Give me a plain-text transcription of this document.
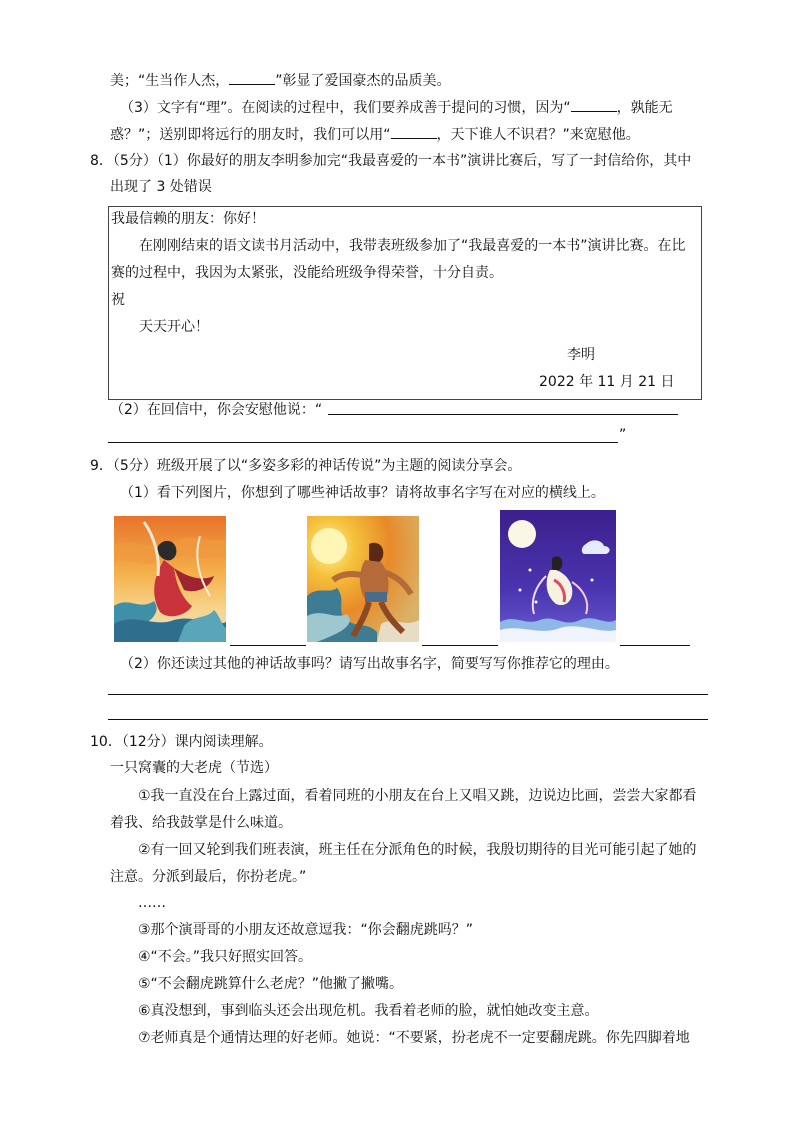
美；“生当作人杰，	”彰显了爱国豪杰的品质美。
（3）文字有“理”。在阅读的过程中，我们要养成善于提问的习惯，因为“	，孰能无
惑？”；送别即将远行的朋友时，我们可以用“	，天下谁人不识君？”来宽慰他。
8．（5分）（1）你最好的朋友李明参加完“我最喜爱的一本书”演讲比赛后，写了一封信给你，其中
出现了 3 处错误
我最信赖的朋友：你好！
在刚刚结束的语文读书月活动中，我带表班级参加了“我最喜爱的一本书”演讲比赛。在比
赛的过程中，我因为太紧张，没能给班级争得荣誉，十分自责。
祝
天天开心！
李明
2022 年 11 月 21 日
（2）在回信中，你会安慰他说：“
”
9．（5分）班级开展了以“多姿多彩的神话传说”为主题的阅读分享会。
（1）看下列图片，你想到了哪些神话故事？请将故事名字写在对应的横线上。
（2）你还读过其他的神话故事吗？请写出故事名字，简要写写你推荐它的理由。
10．（12分）课内阅读理解。
一只窝囊的大老虎（节选）
①我一直没在台上露过面，看着同班的小朋友在台上又唱又跳，边说边比画，尝尝大家都看
着我、给我鼓掌是什么味道。
②有一回又轮到我们班表演，班主任在分派角色的时候，我殷切期待的目光可能引起了她的
注意。分派到最后，你扮老虎。”
……
③那个演哥哥的小朋友还故意逗我：“你会翻虎跳吗？”
④“不会。”我只好照实回答。
⑤“不会翻虎跳算什么老虎？”他撇了撇嘴。
⑥真没想到，事到临头还会出现危机。我看着老师的脸，就怕她改变主意。
⑦老师真是个通情达理的好老师。她说：“不要紧，扮老虎不一定要翻虎跳。你先四脚着地
